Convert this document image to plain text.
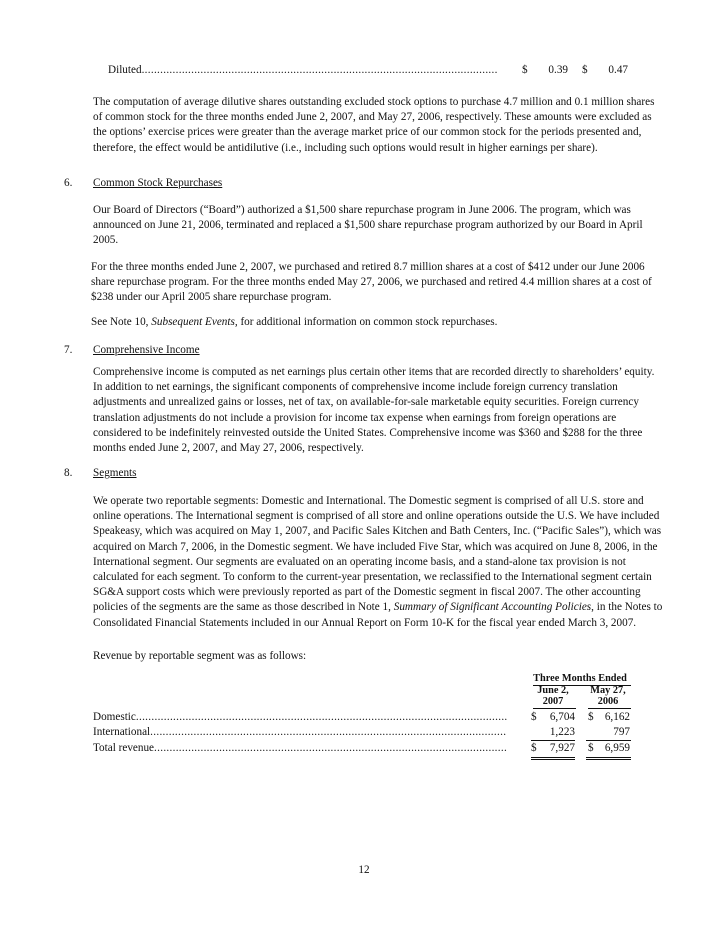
Diluted .....	$	0.39 $	0.47

The computation of average dilutive shares outstanding excluded stock options to purchase 4.7 million and 0.1 million shares of common stock for the three months ended June 2, 2007, and May 27, 2006, respectively. These amounts were excluded as the options’ exercise prices were greater than the average market price of our common stock for the periods presented and, therefore, the effect would be antidilutive (i.e., including such options would result in higher earnings per share).

6. Common Stock Repurchases

Our Board of Directors (“Board”) authorized a $1,500 share repurchase program in June 2006. The program, which was announced on June 21, 2006, terminated and replaced a $1,500 share repurchase program authorized by our Board in April 2005.

For the three months ended June 2, 2007, we purchased and retired 8.7 million shares at a cost of $412 under our June 2006 share repurchase program. For the three months ended May 27, 2006, we purchased and retired 4.4 million shares at a cost of $238 under our April 2005 share repurchase program.

See Note 10, Subsequent Events, for additional information on common stock repurchases.

7. Comprehensive Income

Comprehensive income is computed as net earnings plus certain other items that are recorded directly to shareholders’ equity. In addition to net earnings, the significant components of comprehensive income include foreign currency translation adjustments and unrealized gains or losses, net of tax, on available-for-sale marketable equity securities. Foreign currency translation adjustments do not include a provision for income tax expense when earnings from foreign operations are considered to be indefinitely reinvested outside the United States. Comprehensive income was $360 and $288 for the three months ended June 2, 2007, and May 27, 2006, respectively.

8. Segments

We operate two reportable segments: Domestic and International. The Domestic segment is comprised of all U.S. store and online operations. The International segment is comprised of all store and online operations outside the U.S. We have included Speakeasy, which was acquired on May 1, 2007, and Pacific Sales Kitchen and Bath Centers, Inc. (“Pacific Sales”), which was acquired on March 7, 2006, in the Domestic segment. We have included Five Star, which was acquired on June 8, 2006, in the International segment. Our segments are evaluated on an operating income basis, and a stand-alone tax provision is not calculated for each segment. To conform to the current-year presentation, we reclassified to the International segment certain SG&A support costs which were previously reported as part of the Domestic segment in fiscal 2007. The other accounting policies of the segments are the same as those described in Note 1, Summary of Significant Accounting Policies, in the Notes to Consolidated Financial Statements included in our Annual Report on Form 10-K for the fiscal year ended March 3, 2007.

Revenue by reportable segment was as follows:

Three Months Ended
June 2,
2007
May 27,
2006
Domestic .....	$	6,704 $	6,162
International .....	1,223	797
Total revenue .....	$	7,927 $	6,959
12
